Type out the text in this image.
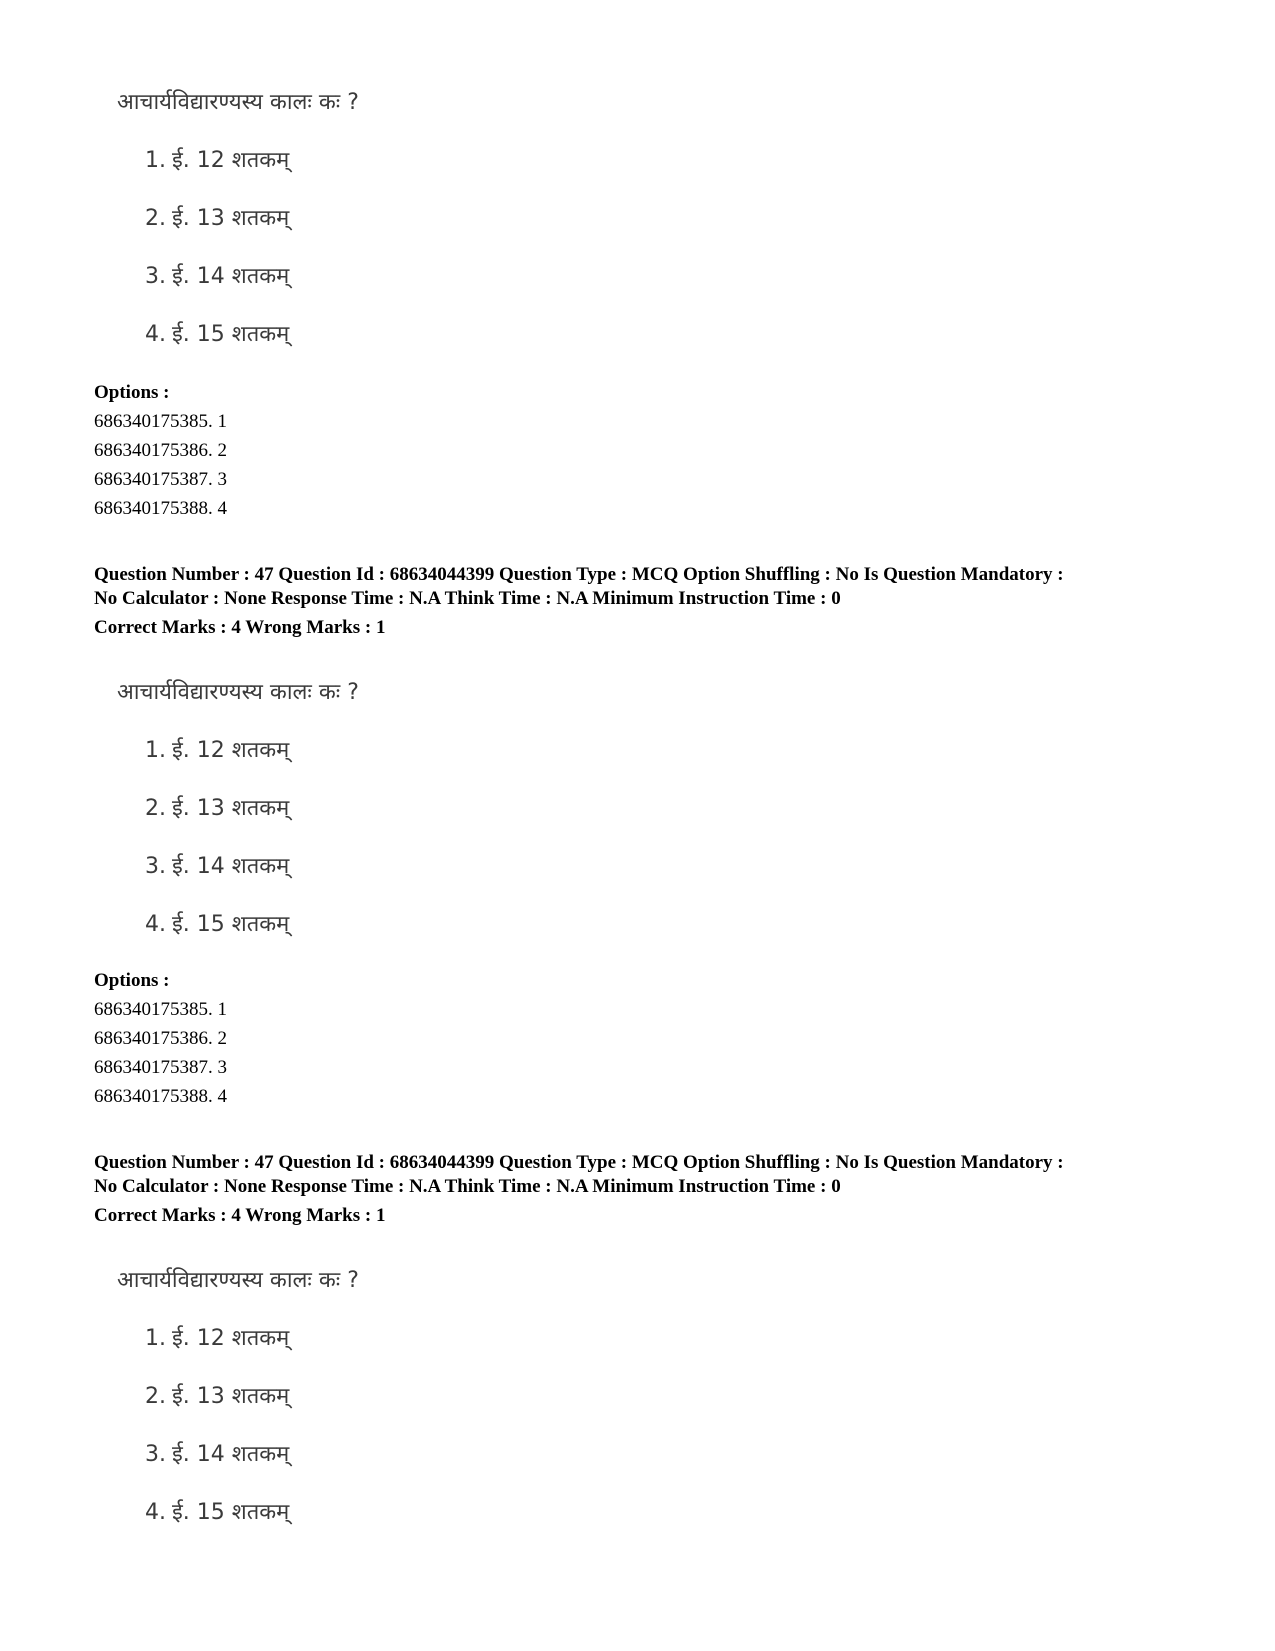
आचार्यविद्यारण्यस्य कालः कः ?
1. ई. 12 शतकम्
2. ई. 13 शतकम्
3. ई. 14 शतकम्
4. ई. 15 शतकम्
Options :
686340175385. 1
686340175386. 2
686340175387. 3
686340175388. 4
Question Number : 47 Question Id : 68634044399 Question Type : MCQ Option Shuffling : No Is Question Mandatory :
No Calculator : None Response Time : N.A Think Time : N.A Minimum Instruction Time : 0
Correct Marks : 4 Wrong Marks : 1
आचार्यविद्यारण्यस्य कालः कः ?
1. ई. 12 शतकम्
2. ई. 13 शतकम्
3. ई. 14 शतकम्
4. ई. 15 शतकम्
Options :
686340175385. 1
686340175386. 2
686340175387. 3
686340175388. 4
Question Number : 47 Question Id : 68634044399 Question Type : MCQ Option Shuffling : No Is Question Mandatory :
No Calculator : None Response Time : N.A Think Time : N.A Minimum Instruction Time : 0
Correct Marks : 4 Wrong Marks : 1
आचार्यविद्यारण्यस्य कालः कः ?
1. ई. 12 शतकम्
2. ई. 13 शतकम्
3. ई. 14 शतकम्
4. ई. 15 शतकम्
